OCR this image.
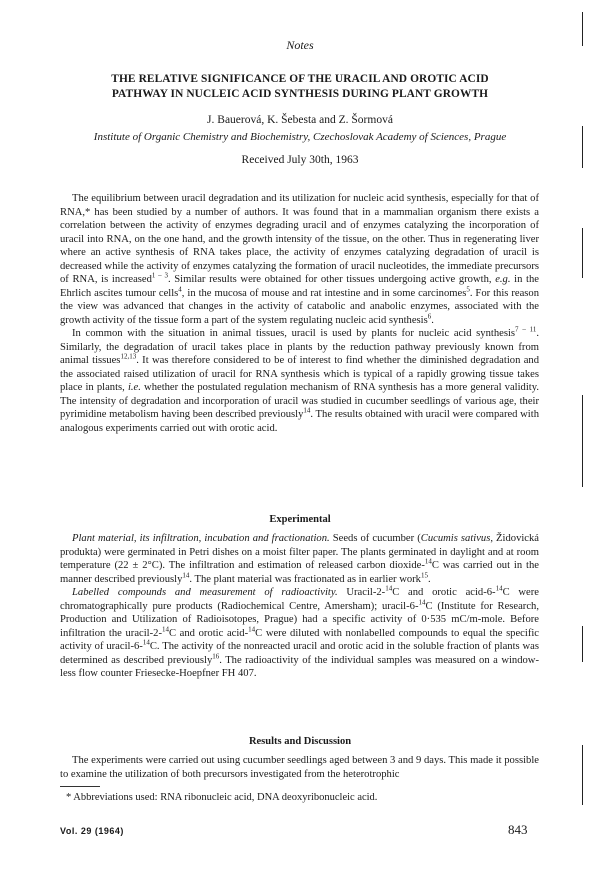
Notes
THE RELATIVE SIGNIFICANCE OF THE URACIL AND OROTIC ACID
PATHWAY IN NUCLEIC ACID SYNTHESIS DURING PLANT GROWTH
J. Bauerová, K. Šebesta and Z. Šormová
Institute of Organic Chemistry and Biochemistry, Czechoslovak Academy of Sciences, Prague
Received July 30th, 1963

The equilibrium between uracil degradation and its utilization for nucleic acid synthesis, especially for that of RNA,* has been studied by a number of authors. It was found that in a mammalian organism there exists a correlation between the activity of enzymes degrading uracil and of enzymes catalyzing the incorporation of uracil into RNA, on the one hand, and the growth intensity of the tissue, on the other. Thus in regenerating liver where an active synthesis of RNA takes place, the activity of enzymes catalyzing degradation of uracil is decreased while the activity of enzymes catalyzing the formation of uracil nucleotides, the immediate precursors of RNA, is increased$^{1 - 3}$. Similar results were obtained for other tissues undergoing active growth, e.g. in the Ehrlich ascites tumour cells$^4$, in the mucosa of mouse and rat intestine and in some carcinomes$^5$. For this reason the view was advanced that changes in the activity of catabolic and anabolic enzymes, associated with the growth activity of the tissue form a part of the system regulating nucleic acid synthesis$^6$.

In common with the situation in animal tissues, uracil is used by plants for nucleic acid synthesis$^{7 - 11}$. Similarly, the degradation of uracil takes place in plants by the reduction pathway previously known from animal tissues$^{12,13}$. It was therefore considered to be of interest to find whether the diminished degradation and the associated raised utilization of uracil for RNA synthesis which is typical of a rapidly growing tissue takes place in plants, i.e. whether the postulated regulation mechanism of RNA synthesis has a more general validity. The intensity of degradation and incorporation of uracil was studied in cucumber seedlings of various age, their pyrimidine metabolism having been described previously$^{14}$. The results obtained with uracil were compared with analogous experiments carried out with orotic acid.

Experimental

Plant material, its infiltration, incubation and fractionation. Seeds of cucumber (Cucumis sativus, Židovická produkta) were germinated in Petri dishes on a moist filter paper. The plants germinated in daylight and at room temperature (22 ± 2°C). The infiltration and estimation of released carbon dioxide-$^{14}$C was carried out in the manner described previously$^{14}$. The plant material was fractionated as in earlier work$^{15}$.

Labelled compounds and measurement of radioactivity. Uracil-2-$^{14}$C and orotic acid-6-$^{14}$C were chromatographically pure products (Radiochemical Centre, Amersham); uracil-6-$^{14}$C (Institute for Research, Production and Utilization of Radioisotopes, Prague) had a specific activity of 0·535 mC/m-mole. Before infiltration the uracil-2-$^{14}$C and orotic acid-$^{14}$C were diluted with nonlabelled compounds to equal the specific activity of uracil-6-$^{14}$C. The activity of the nonreacted uracil and orotic acid in the soluble fraction of plants was determined as described previously$^{16}$. The radioactivity of the individual samples was measured on a window-less flow counter Friesecke-Hoepfner FH 407.

Results and Discussion

The experiments were carried out using cucumber seedlings aged between 3 and 9 days. This made it possible to examine the utilization of both precursors investigated from the heterotrophic

* Abbreviations used: RNA ribonucleic acid, DNA deoxyribonucleic acid.
Vol. 29 (1964)	843
